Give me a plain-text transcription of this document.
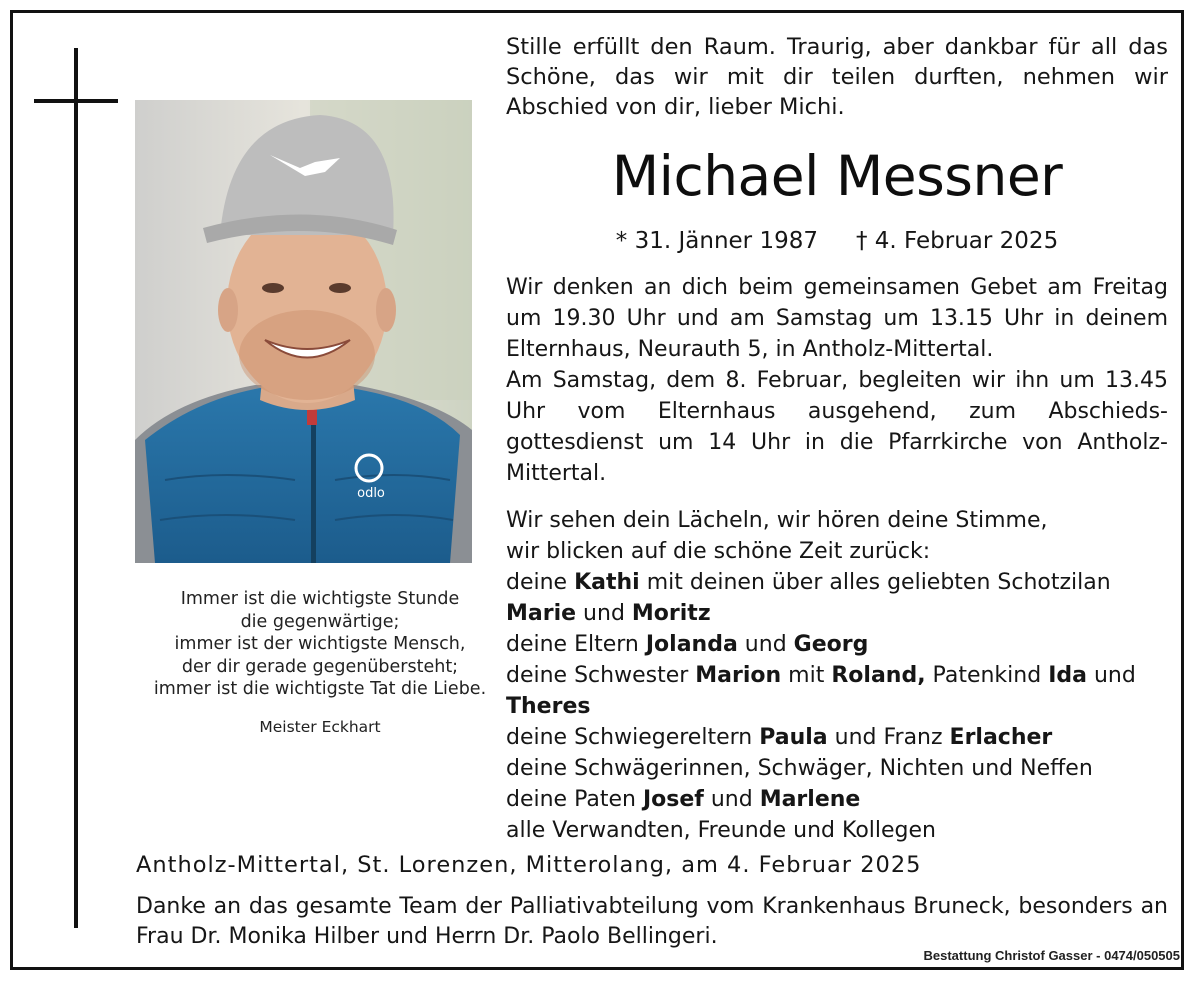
odlo
Immer ist die wichtigste Stunde
die gegenwärtige;
immer ist der wichtigste Mensch,
der dir gerade gegenübersteht;
immer ist die wichtigste Tat die Liebe.
Meister Eckhart
Stille erfüllt den Raum. Traurig, aber dankbar für all das Schöne, das wir mit dir teilen durften, nehmen wir Abschied von dir, lieber Michi.
Michael Messner
* 31. Jänner 1987 † 4. Februar 2025
Wir denken an dich beim gemeinsamen Gebet am Freitag um 19.30 Uhr und am Samstag um 13.15 Uhr in deinem Elternhaus, Neurauth 5, in Antholz-Mittertal.
Am Samstag, dem 8. Februar, begleiten wir ihn um 13.45 Uhr vom Elternhaus ausgehend, zum Abschiedsgottesdienst um 14 Uhr in die Pfarrkirche von Antholz-Mittertal.
Wir sehen dein Lächeln, wir hören deine Stimme,
wir blicken auf die schöne Zeit zurück:
deine Kathi mit deinen über alles geliebten Schotzilan
Marie und Moritz
deine Eltern Jolanda und Georg
deine Schwester Marion mit Roland, Patenkind Ida und
Theres
deine Schwiegereltern Paula und Franz Erlacher
deine Schwägerinnen, Schwäger, Nichten und Neffen
deine Paten Josef und Marlene
alle Verwandten, Freunde und Kollegen
Antholz-Mittertal, St. Lorenzen, Mitterolang, am 4. Februar 2025
Danke an das gesamte Team der Palliativabteilung vom Krankenhaus Bruneck, besonders an Frau Dr. Monika Hilber und Herrn Dr. Paolo Bellingeri.
Bestattung Christof Gasser - 0474/050505
